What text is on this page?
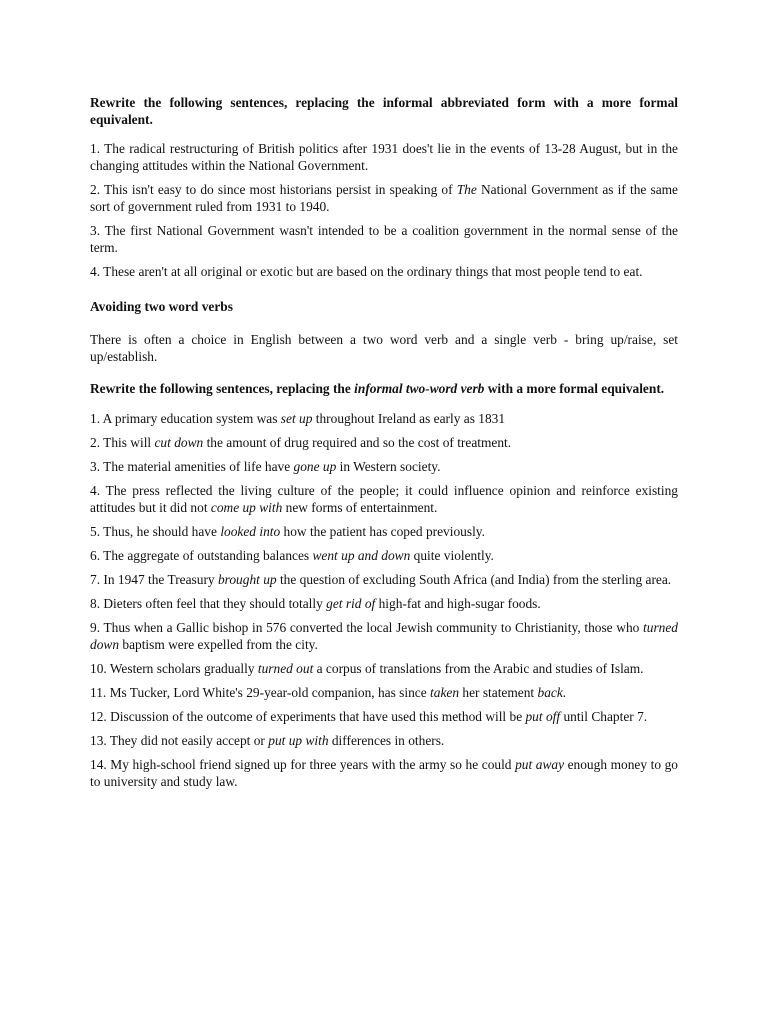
Rewrite the following sentences, replacing the informal abbreviated form with a more formal equivalent.

1. The radical restructuring of British politics after 1931 does't lie in the events of 13-28 August, but in the changing attitudes within the National Government.

2. This isn't easy to do since most historians persist in speaking of The National Government as if the same sort of government ruled from 1931 to 1940.

3. The first National Government wasn't intended to be a coalition government in the normal sense of the term.

4. These aren't at all original or exotic but are based on the ordinary things that most people tend to eat.

Avoiding two word verbs

There is often a choice in English between a two word verb and a single verb - bring up/raise, set up/establish.

Rewrite the following sentences, replacing the informal two-word verb with a more formal equivalent.

1. A primary education system was set up throughout Ireland as early as 1831

2. This will cut down the amount of drug required and so the cost of treatment.

3. The material amenities of life have gone up in Western society.

4. The press reflected the living culture of the people; it could influence opinion and reinforce existing attitudes but it did not come up with new forms of entertainment.

5. Thus, he should have looked into how the patient has coped previously.

6. The aggregate of outstanding balances went up and down quite violently.

7. In 1947 the Treasury brought up the question of excluding South Africa (and India) from the sterling area.

8. Dieters often feel that they should totally get rid of high-fat and high-sugar foods.

9. Thus when a Gallic bishop in 576 converted the local Jewish community to Christianity, those who turned down baptism were expelled from the city.

10. Western scholars gradually turned out a corpus of translations from the Arabic and studies of Islam.

11. Ms Tucker, Lord White's 29-year-old companion, has since taken her statement back.

12. Discussion of the outcome of experiments that have used this method will be put off until Chapter 7.

13. They did not easily accept or put up with differences in others.

14. My high-school friend signed up for three years with the army so he could put away enough money to go to university and study law.
